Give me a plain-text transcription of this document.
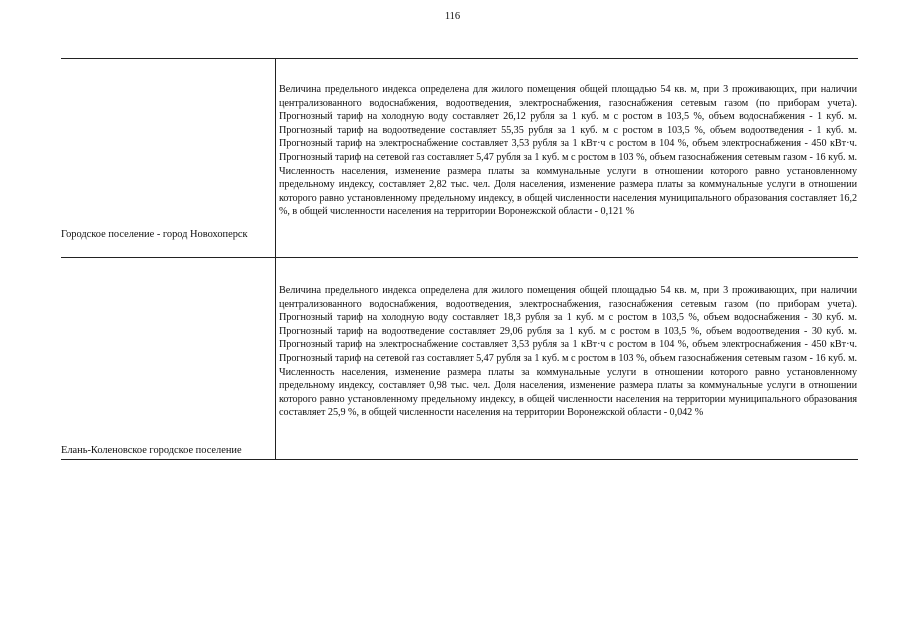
116
Городское поселение - город Новохоперск
Величина предельного индекса определена для жилого помещения общей площадью 54 кв. м, при 3 проживающих, при наличии централизованного водоснабжения, водоотведения, электроснабжения, газоснабжения сетевым газом (по приборам учета). Прогнозный тариф на холодную воду составляет 26,12 рубля за 1 куб. м с ростом в 103,5 %, объем водоснабжения - 1 куб. м. Прогнозный тариф на водоотведение составляет 55,35 рубля за 1 куб. м с ростом в 103,5 %, объем водоотведения - 1 куб. м. Прогнозный тариф на электроснабжение составляет 3,53 рубля за 1 кВт·ч с ростом в 104 %, объем электроснабжения - 450 кВт·ч. Прогнозный тариф на сетевой газ составляет 5,47 рубля за 1 куб. м с ростом в 103 %, объем газоснабжения сетевым газом - 16 куб. м. Численность населения, изменение размера платы за коммунальные услуги в отношении которого равно установленному предельному индексу, составляет 2,82 тыс. чел. Доля населения, изменение размера платы за коммунальные услуги в отношении которого равно установленному предельному индексу, в общей численности населения муниципального образования составляет 16,2 %, в общей численности населения на территории Воронежской области - 0,121 %
Елань-Коленовское городское поселение
Величина предельного индекса определена для жилого помещения общей площадью 54 кв. м, при 3 проживающих, при наличии централизованного водоснабжения, водоотведения, электроснабжения, газоснабжения сетевым газом (по приборам учета). Прогнозный тариф на холодную воду составляет 18,3 рубля за 1 куб. м с ростом в 103,5 %, объем водоснабжения - 30 куб. м. Прогнозный тариф на водоотведение составляет 29,06 рубля за 1 куб. м с ростом в 103,5 %, объем водоотведения - 30 куб. м. Прогнозный тариф на электроснабжение составляет 3,53 рубля за 1 кВт·ч с ростом в 104 %, объем электроснабжения - 450 кВт·ч. Прогнозный тариф на сетевой газ составляет 5,47 рубля за 1 куб. м с ростом в 103 %, объем газоснабжения сетевым газом - 16 куб. м. Численность населения, изменение размера платы за коммунальные услуги в отношении которого равно установленному предельному индексу, составляет 0,98 тыс. чел. Доля населения, изменение размера платы за коммунальные услуги в отношении которого равно установленному предельному индексу, в общей численности населения на территории муниципального образования составляет 25,9 %, в общей численности населения на территории Воронежской области - 0,042 %
